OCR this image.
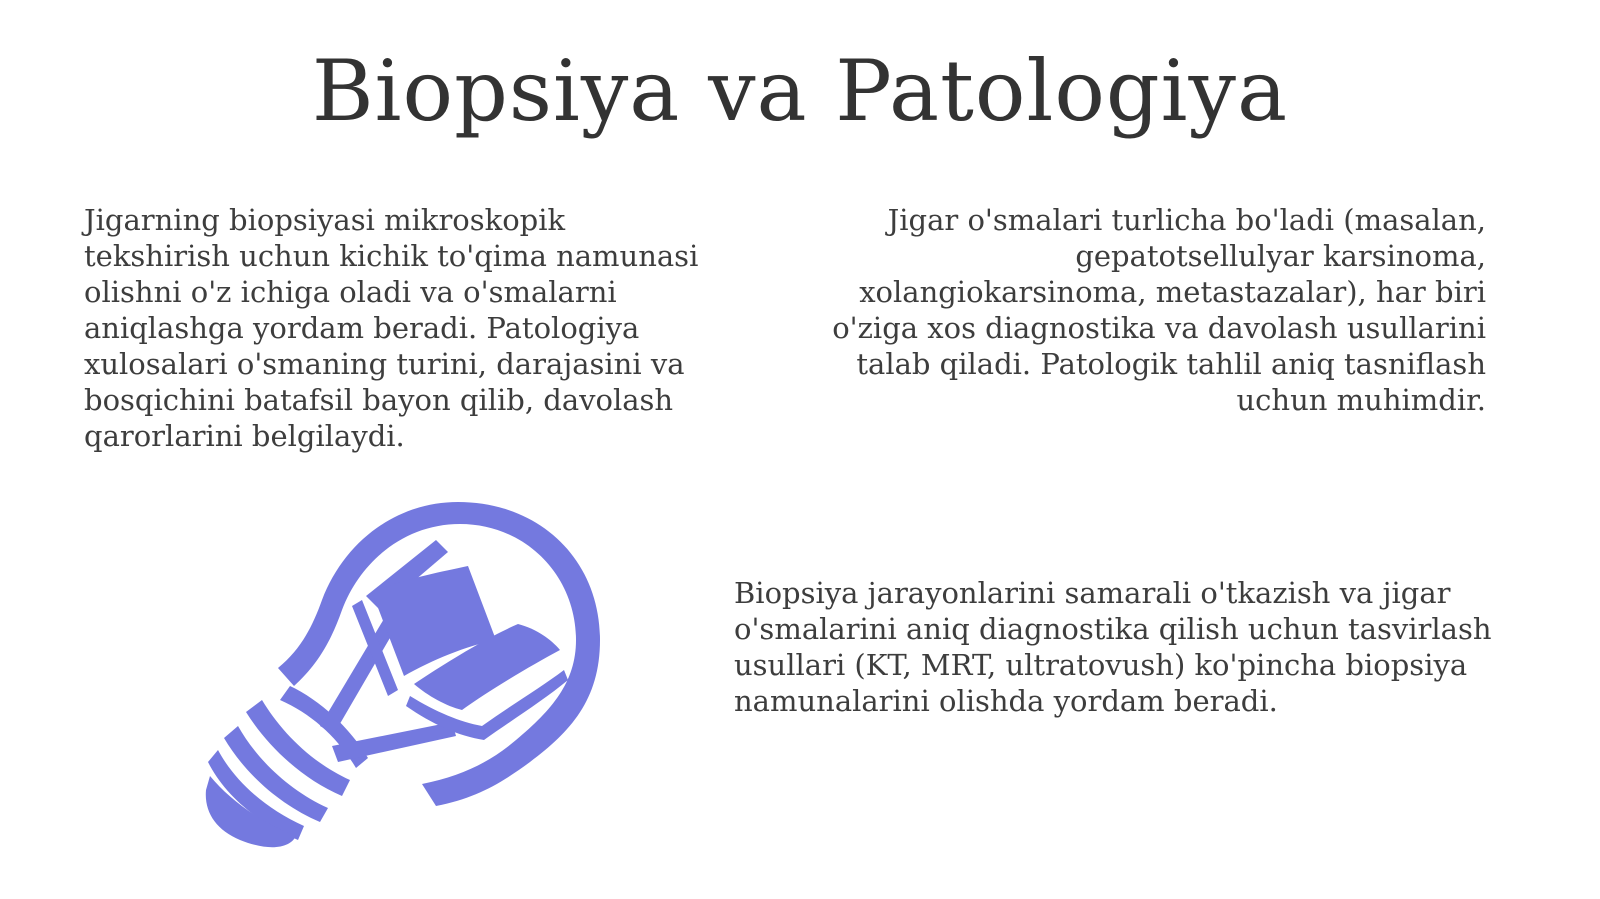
Biopsiya va Patologiya

Jigarning biopsiyasi mikroskopik tekshirish uchun kichik to'qima namunasi olishni o'z ichiga oladi va o'smalarni aniqlashga yordam beradi. Patologiya xulosalari o'smaning turini, darajasini va bosqichini batafsil bayon qilib, davolash qarorlarini belgilaydi.

Jigar o'smalari turlicha bo'ladi (masalan, gepatotsellulyar karsinoma, xolangiokarsinoma, metastazalar), har biri o'ziga xos diagnostika va davolash usullarini talab qiladi. Patologik tahlil aniq tasniflash uchun muhimdir.

Biopsiya jarayonlarini samarali o'tkazish va jigar o'smalarini aniq diagnostika qilish uchun tasvirlash usullari (KT, MRT, ultratovush) ko'pincha biopsiya namunalarini olishda yordam beradi.
